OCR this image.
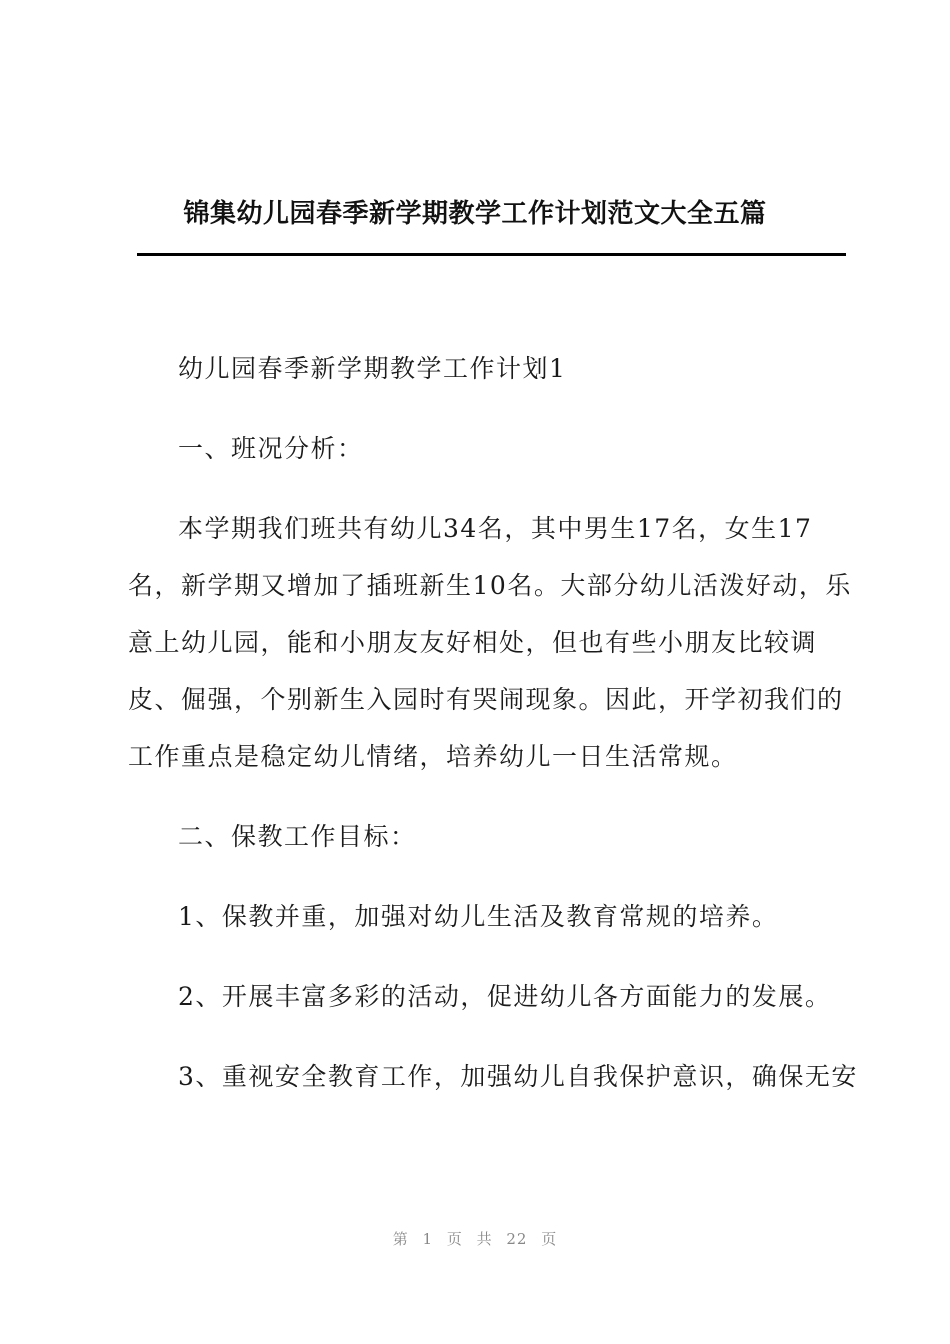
锦集幼儿园春季新学期教学工作计划范文大全五篇

幼儿园春季新学期教学工作计划1

一、班况分析：

本学期我们班共有幼儿34名，其中男生17名，女生17名，新学期又增加了插班新生10名。大部分幼儿活泼好动，乐意上幼儿园，能和小朋友友好相处，但也有些小朋友比较调皮、倔强，个别新生入园时有哭闹现象。因此，开学初我们的工作重点是稳定幼儿情绪，培养幼儿一日生活常规。

二、保教工作目标：

1、保教并重，加强对幼儿生活及教育常规的培养。

2、开展丰富多彩的活动，促进幼儿各方面能力的发展。

3、重视安全教育工作，加强幼儿自我保护意识，确保无安

第 1 页 共 22 页
